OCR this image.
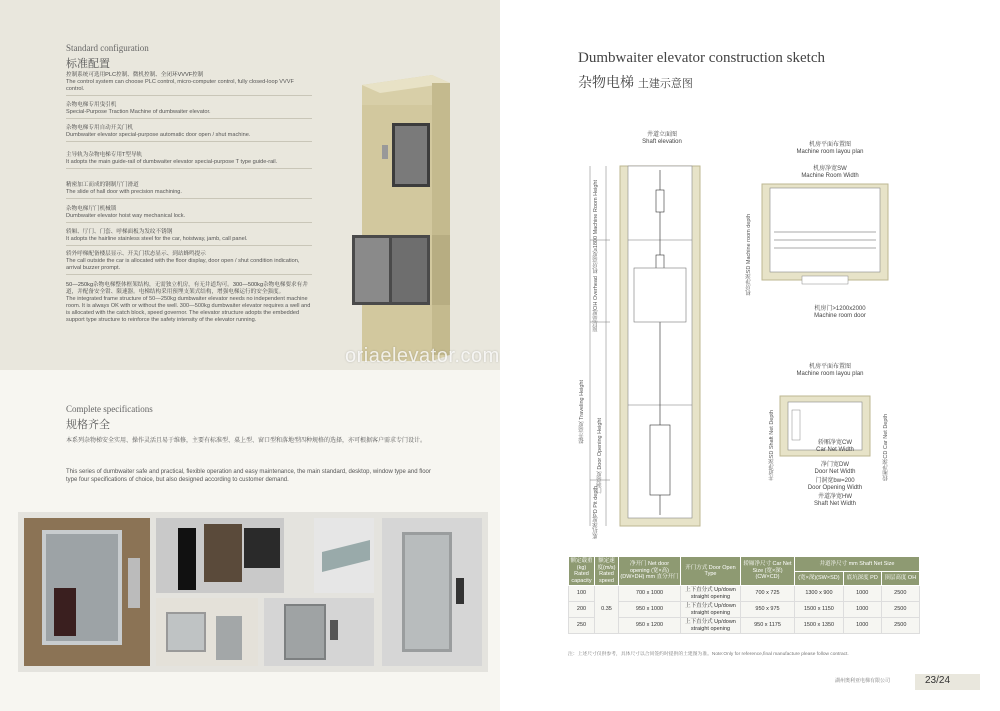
Standard configuration
标准配置
控制系统可选用PLC控制、微机控制、全闭环VVVF控制
The control system can choose PLC control, micro-computer control, fully closed-loop VVVF control.
杂物电梯专用曳引机
Special-Purpose Traction Machine of dumbwaiter elevator.
杂物电梯专用自动开关门机
Dumbwaiter elevator special-purpose automatic door open / shut machine.
主导轨为杂物电梯专用T型导轨
It adopts the main guide-rail of dumbwaiter elevator special-purpose T type guide-rail.
精密加工而成的钢制厅门滑道
The slide of hall door with precision machining.
杂物电梯厅门机械锁
Dumbwaiter elevator hoist way mechanical lock.
轿厢、厅门、门套、呼梯面板为发纹不锈钢
It adopts the hairline stainless steel for the car, hoistway, jamb, call panel.
轿外呼梯配备楼层显示、开关门状态显示、到站蜂鸣提示
The call outside the car is allocated with the floor display, door open / shut condition indication, arrival buzzer prompt.
50—250kg杂物电梯整体框架结构，无需独立机房，有无井道均可。300—500kg杂物电梯要求有井道，并配备安全钳、限速器。电梯结构采用预埋支架式结构，增强电梯运行的安全强度。
The integrated frame structure of 50—250kg dumbwaiter elevator needs no independent machine room. It is always OK with or without the well. 300—500kg dumbwaiter elevator requires a well and is allocated with the catch block, speed governor. The elevator structure adopts the embedded support type structure to reinforce the safety intensity of the elevator running.
oriaelevator.com
Complete specifications
规格齐全
本系列杂物梯安全实用、操作灵活且易于维修，主要有标准型、桌上型、窗口型和落地型四种规格的选择，亦可根据客户需求专门设计。
This series of dumbwaiter safe and practical, flexible operation and easy maintenance, the main standard, desktop, window type and floor type four specifications of choice, but also designed according to customer demand.
Dumbwaiter elevator construction sketch
杂物电梯 土建示意图
井道立面图
Shaft elevation
机房高度≥1800 Machine Room Height
顶层高度OH Overhead
提升高度 Traveling Height
门洞高度 Door Opening Height
底坑深度PD Pit depth
机房平面布置图
Machine room layou plan
机房净宽SW
Machine Room Width
机房净深SD Machine room depth
机房门>1200x2000
Machine room door
机房平面布置图
Machine room layou plan
轿厢净宽CW
Car Net Width
净门宽DW
Door Net Width
门洞宽bw=200
Door Opening Width
井道净宽HW
Shaft Net Width
井道净深SD Shaft Net Depth
轿厢净深CD Car Net Depth
额定载重(kg) Rated capacity	额定速度(m/s) Rated speed	净开门 Net door opening (宽×高)(DW×DH) mm 直分开门	开门方式 Door Open Type	轿厢净尺寸 Car Net Size (宽×深)(CW×CD)	井道净尺寸 mm Shaft Net Size		
					(宽×深)(SW×SD)	底坑深度 PD	顶层高度 OH
100	0.35	700 x 1000	上下直分式 Up/down straight opening	700 x 725	1300 x 900	1000	2500
200		950 x 1000	上下直分式 Up/down straight opening	950 x 975	1500 x 1150	1000	2500
250		950 x 1200	上下直分式 Up/down straight opening	950 x 1175	1500 x 1350	1000	2500
注：上述尺寸仅供参考，具体尺寸以合同签约时提供的土建图为准。Note:Only for reference,final manufacture please follow contract.
湖州奥利亚电梯有限公司	23/24
